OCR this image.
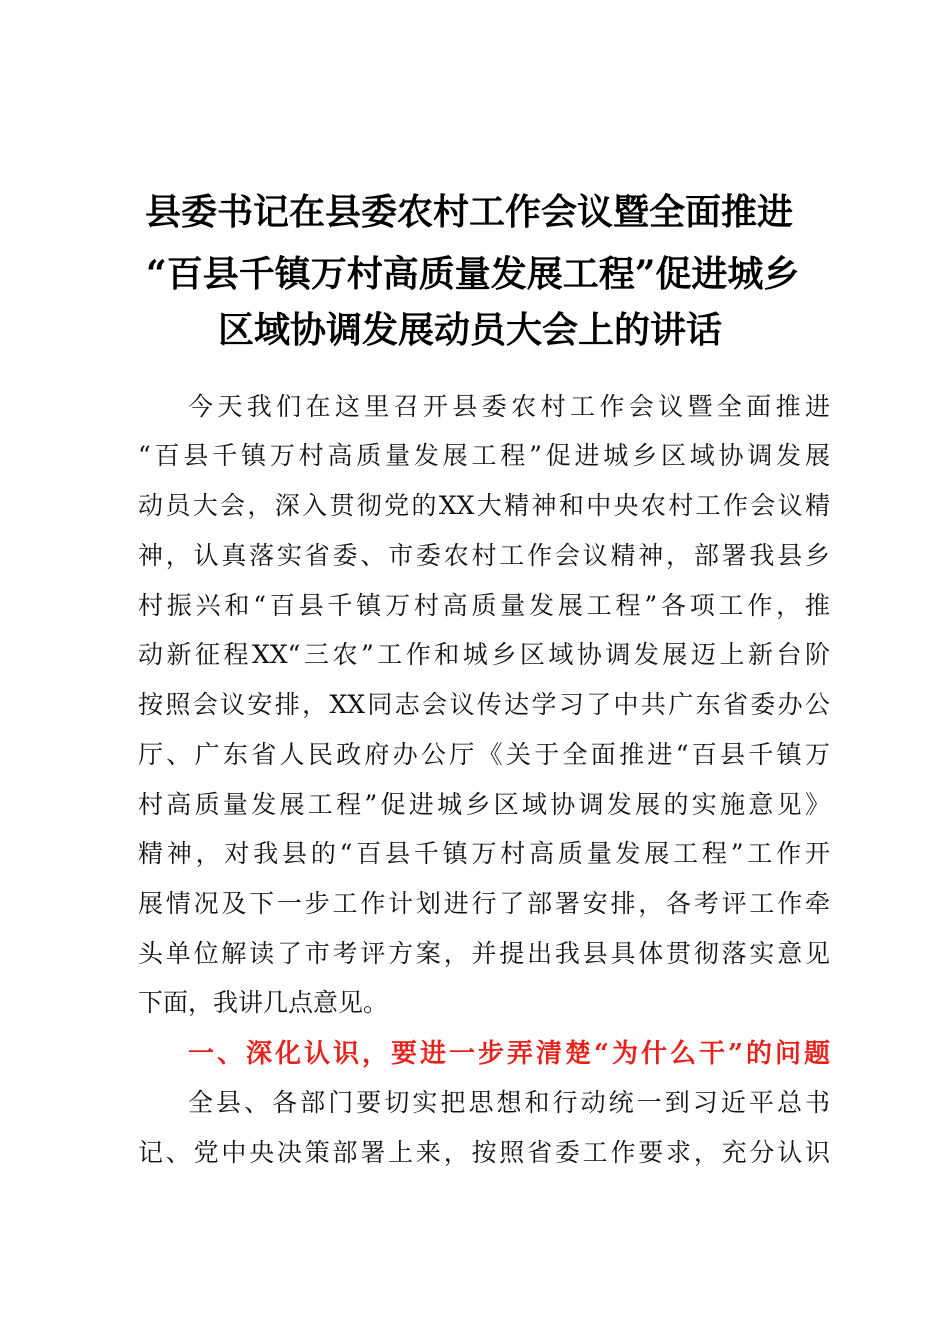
县委书记在县委农村工作会议暨全面推进
“百县千镇万村高质量发展工程”促进城乡
区域协调发展动员大会上的讲话
今天我们在这里召开县委农村工作会议暨全面推进
“百县千镇万村高质量发展工程”促进城乡区域协调发展
动员大会，深入贯彻党的XX大精神和中央农村工作会议精
神，认真落实省委、市委农村工作会议精神，部署我县乡
村振兴和“百县千镇万村高质量发展工程”各项工作，推
动新征程XX“三农”工作和城乡区域协调发展迈上新台阶
按照会议安排，XX同志会议传达学习了中共广东省委办公
厅、广东省人民政府办公厅《关于全面推进“百县千镇万
村高质量发展工程”促进城乡区域协调发展的实施意见》
精神，对我县的“百县千镇万村高质量发展工程”工作开
展情况及下一步工作计划进行了部署安排，各考评工作牵
头单位解读了市考评方案，并提出我县具体贯彻落实意见
下面，我讲几点意见。
一、深化认识，要进一步弄清楚“为什么干”的问题
全县、各部门要切实把思想和行动统一到习近平总书
记、党中央决策部署上来，按照省委工作要求，充分认识
